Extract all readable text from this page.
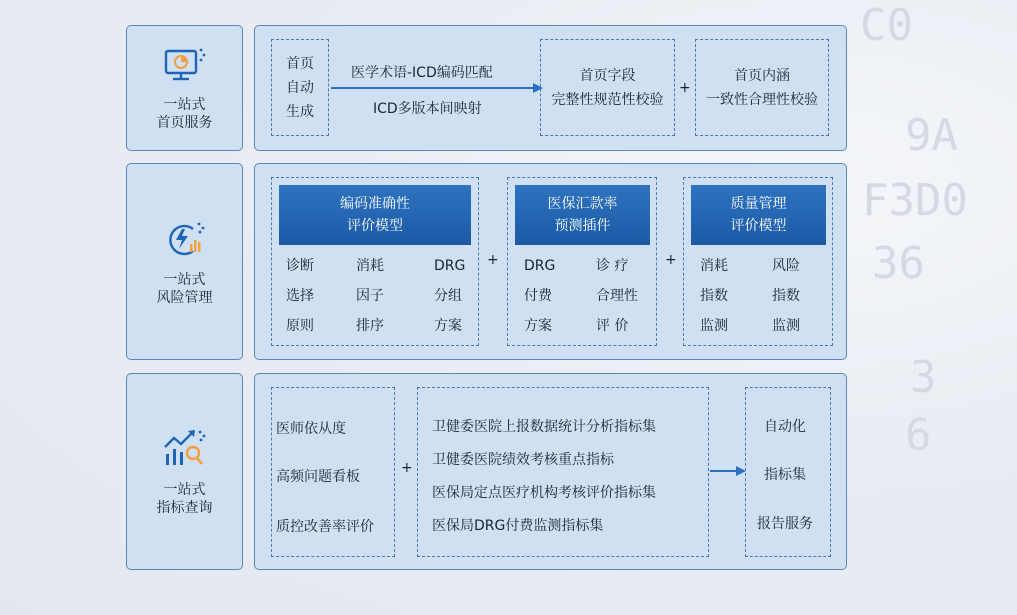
C0
9A
F3D0
36
3
6
一站式
首页服务
首页
自动
生成
医学术语-ICD编码匹配
ICD多版本间映射
首页字段
完整性规范性校验
+
首页内涵
一致性合理性校验
一站式
风险管理
编码准确性
评价模型
诊断	消耗	DRG
选择	因子	分组
原则	排序	方案
+
医保汇款率
预测插件
DRG	诊 疗
付费	合理性
方案	评 价
+
质量管理
评价模型
消耗	风险
指数	指数
监测	监测
一站式
指标查询
医师依从度
高频问题看板
质控改善率评价
+
卫健委医院上报数据统计分析指标集
卫健委医院绩效考核重点指标
医保局定点医疗机构考核评价指标集
医保局DRG付费监测指标集
自动化
指标集
报告服务
